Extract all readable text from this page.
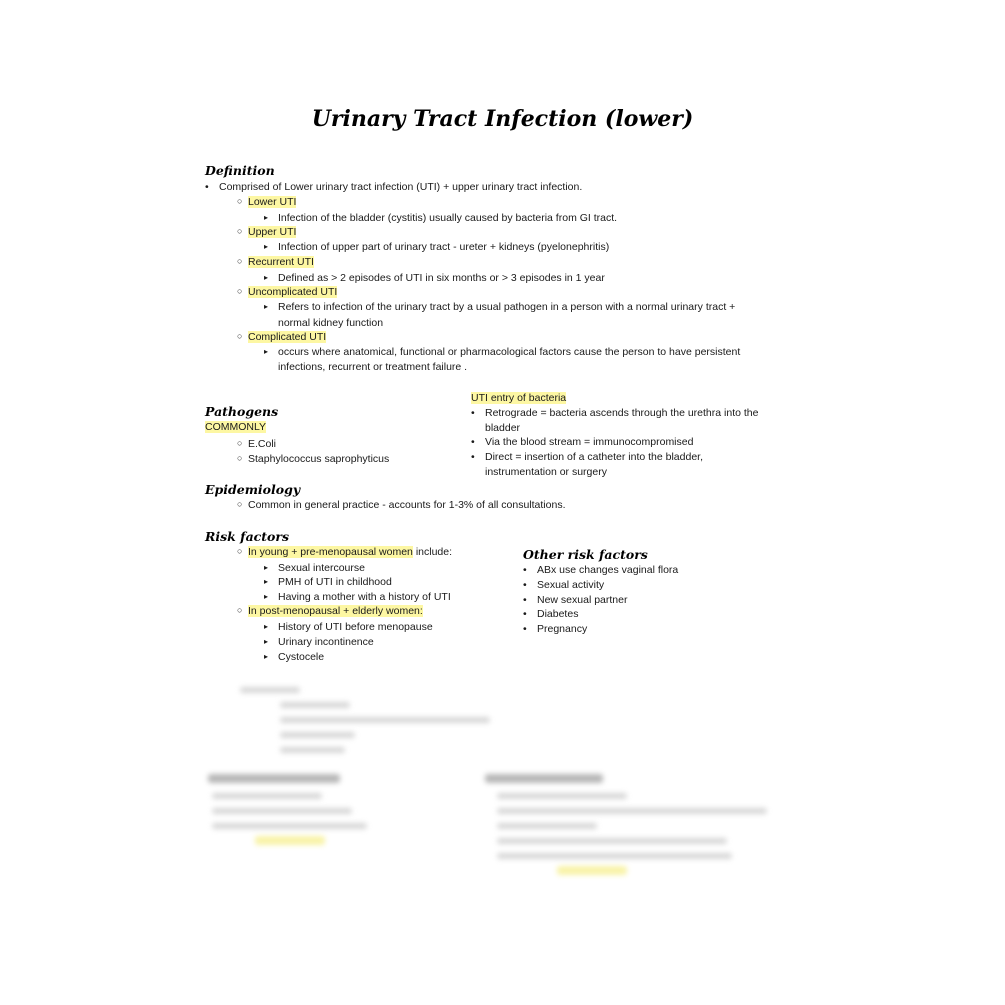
Urinary Tract Infection (lower)
Definition
• Comprised of Lower urinary tract infection (UTI) + upper urinary tract infection.
○ Lower UTI
▸ Infection of the bladder (cystitis) usually caused by bacteria from GI tract.
○ Upper UTI
▸ Infection of upper part of urinary tract - ureter + kidneys (pyelonephritis)
○ Recurrent UTI
▸ Defined as > 2 episodes of UTI in six months or > 3 episodes in 1 year
○ Uncomplicated UTI
▸ Refers to infection of the urinary tract by a usual pathogen in a person with a normal urinary tract +
normal kidney function
○ Complicated UTI
▸ occurs where anatomical, functional or pharmacological factors cause the person to have persistent
infections, recurrent or treatment failure .
UTI entry of bacteria
• Retrograde = bacteria ascends through the urethra into the
bladder
• Via the blood stream = immunocompromised
• Direct = insertion of a catheter into the bladder,
instrumentation or surgery
Pathogens
COMMONLY
○ E.Coli
○ Staphylococcus saprophyticus
Epidemiology
○ Common in general practice - accounts for 1-3% of all consultations.
Risk factors
○ In young + pre-menopausal women include:
▸ Sexual intercourse
▸ PMH of UTI in childhood
▸ Having a mother with a history of UTI
○ In post-menopausal + elderly women:
▸ History of UTI before menopause
▸ Urinary incontinence
▸ Cystocele
Other risk factors
• ABx use changes vaginal flora
• Sexual activity
• New sexual partner
• Diabetes
• Pregnancy
